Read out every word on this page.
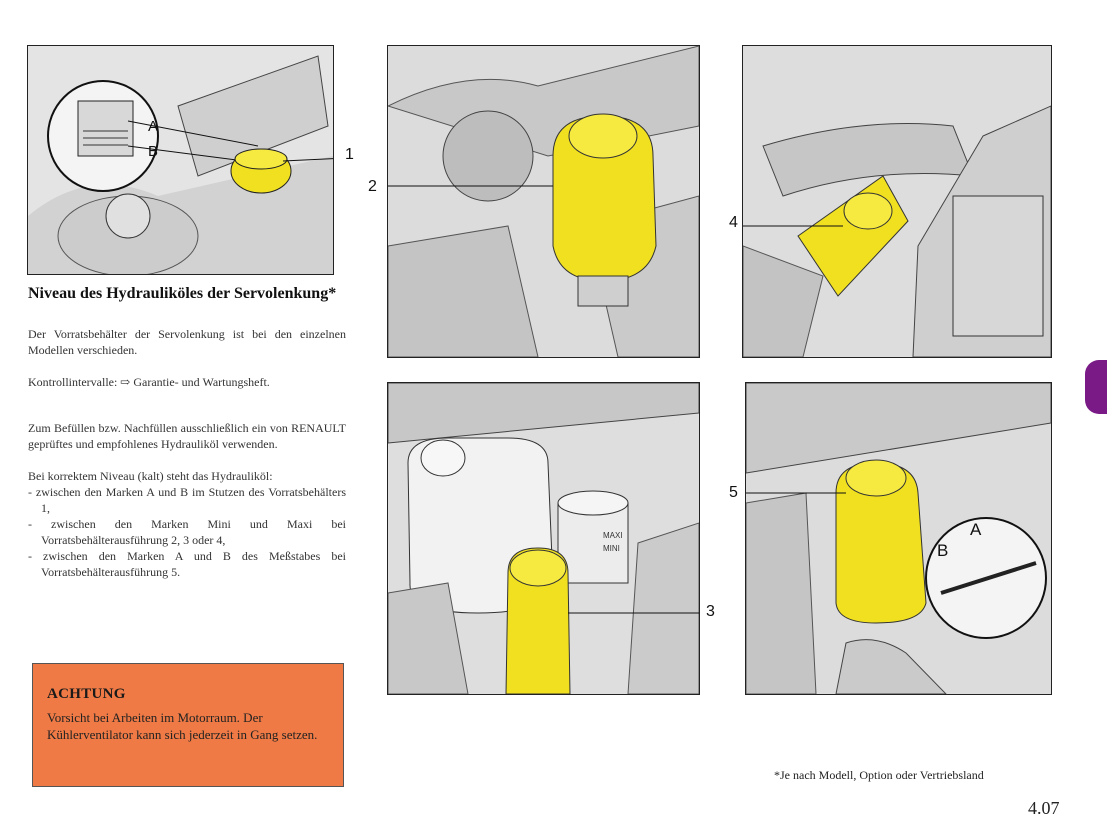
A
B	1
2
4
MAXI
MINI
3
A
B
5
Niveau des Hydrauliköles der Servolenkung*

Der Vorratsbehälter der Servolenkung ist bei den einzelnen Modellen verschieden.

Kontrollintervalle: ⇨ Garantie- und Wartungsheft.

Zum Befüllen bzw. Nachfüllen ausschließlich ein von RENAULT geprüftes und empfohlenes Hydrauliköl verwenden.

Bei korrektem Niveau (kalt) steht das Hydrauliköl:

- zwischen den Marken A und B im Stutzen des Vorratsbehälters 1,
- zwischen den Marken Mini und Maxi bei Vorratsbehälterausführung 2, 3 oder 4,
- zwischen den Marken A und B des Meßstabes bei Vorratsbehälterausführung 5.
ACHTUNG

Vorsicht bei Arbeiten im Motorraum. Der Kühlerventilator kann sich jederzeit in Gang setzen.

*Je nach Modell, Option oder Vertriebsland
4.07
